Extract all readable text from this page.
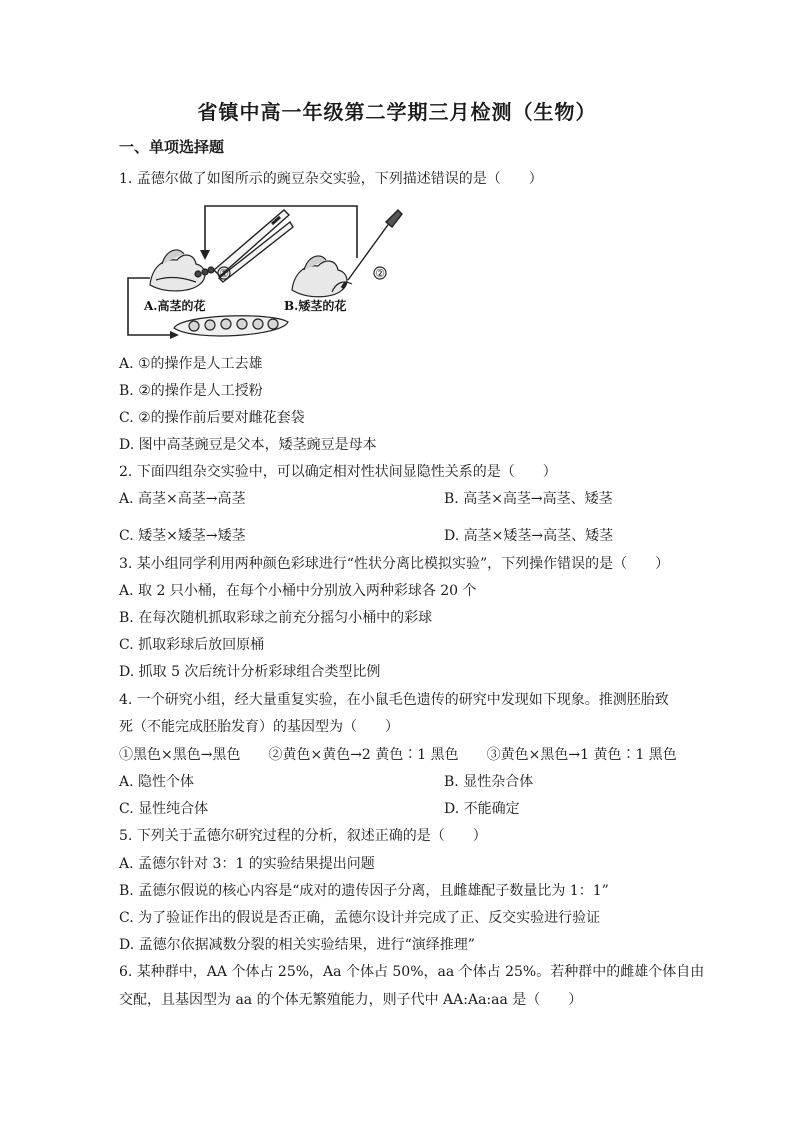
省镇中高一年级第二学期三月检测（生物）
一、单项选择题
1. 孟德尔做了如图所示的豌豆杂交实验，下列描述错误的是（　　）
①	②
A.高茎的花	B.矮茎的花
A. ①的操作是人工去雄
B. ②的操作是人工授粉
C. ②的操作前后要对雌花套袋
D. 图中高茎豌豆是父本，矮茎豌豆是母本
2. 下面四组杂交实验中，可以确定相对性状间显隐性关系的是（　　）
A. 高茎×高茎→高茎	B. 高茎×高茎→高茎、矮茎
C. 矮茎×矮茎→矮茎	D. 高茎×矮茎→高茎、矮茎
3. 某小组同学利用两种颜色彩球进行“性状分离比模拟实验”，下列操作错误的是（　　）
A. 取 2 只小桶，在每个小桶中分别放入两种彩球各 20 个
B. 在每次随机抓取彩球之前充分摇匀小桶中的彩球
C. 抓取彩球后放回原桶
D. 抓取 5 次后统计分析彩球组合类型比例
4. 一个研究小组，经大量重复实验，在小鼠毛色遗传的研究中发现如下现象。推测胚胎致
死（不能完成胚胎发育）的基因型为（　　）
①黑色×黑色→黑色　　②黄色×黄色→2 黄色∶1 黑色　　③黄色×黑色→1 黄色∶1 黑色
A. 隐性个体	B. 显性杂合体
C. 显性纯合体	D. 不能确定
5. 下列关于孟德尔研究过程的分析，叙述正确的是（　　）
A. 孟德尔针对 3：1 的实验结果提出问题
B. 孟德尔假说的核心内容是“成对的遗传因子分离，且雌雄配子数量比为 1：1”
C. 为了验证作出的假说是否正确，孟德尔设计并完成了正、反交实验进行验证
D. 孟德尔依据减数分裂的相关实验结果，进行“演绎推理”
6. 某种群中，AA 个体占 25%，Aa 个体占 50%，aa 个体占 25%。若种群中的雌雄个体自由
交配，且基因型为 aa 的个体无繁殖能力，则子代中 AA:Aa:aa 是（　　）
